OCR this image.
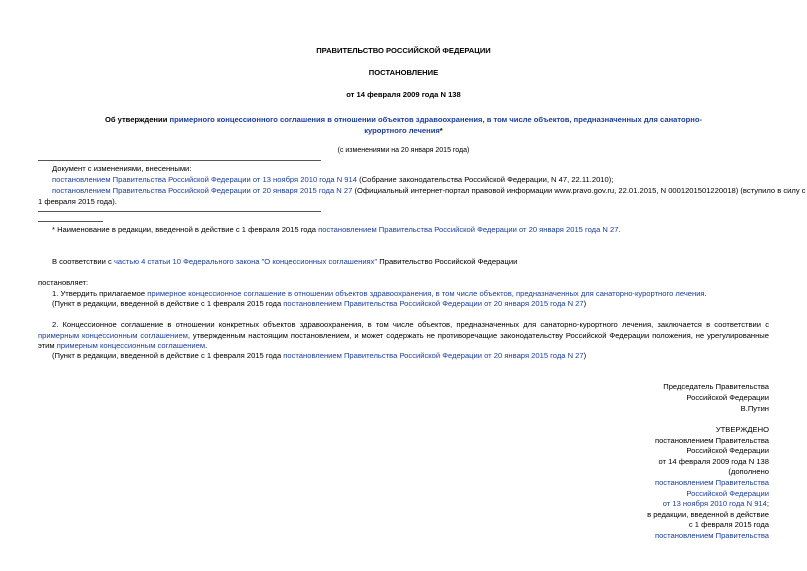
ПРАВИТЕЛЬСТВО РОССИЙСКОЙ ФЕДЕРАЦИИ
ПОСТАНОВЛЕНИЕ
от 14 февраля 2009 года N 138
Об утверждении примерного концессионного соглашения в отношении объектов здравоохранения, в том числе объектов, предназначенных для санаторно-
курортного лечения*
(с изменениями на 20 января 2015 года)
Документ с изменениями, внесенными:
постановлением Правительства Российской Федерации от 13 ноября 2010 года N 914 (Собрание законодательства Российской Федерации, N 47, 22.11.2010);
постановлением Правительства Российской Федерации от 20 января 2015 года N 27 (Официальный интернет-портал правовой информации www.pravo.gov.ru, 22.01.2015, N 0001201501220018) (вступило в силу с
1 февраля 2015 года).
* Наименование в редакции, введенной в действие с 1 февраля 2015 года постановлением Правительства Российской Федерации от 20 января 2015 года N 27.
В соответствии с частью 4 статьи 10 Федерального закона "О концессионных соглашениях" Правительство Российской Федерации
постановляет:
1. Утвердить прилагаемое примерное концессионное соглашение в отношении объектов здравоохранения, в том числе объектов, предназначенных для санаторно-курортного лечения.
(Пункт в редакции, введенной в действие с 1 февраля 2015 года постановлением Правительства Российской Федерации от 20 января 2015 года N 27)
2. Концессионное соглашение в отношении конкретных объектов здравоохранения, в том числе объектов, предназначенных для санаторно-курортного лечения, заключается в соответствии с примерным концессионным соглашением, утвержденным настоящим постановлением, и может содержать не противоречащие законодательству Российской Федерации положения, не урегулированные этим примерным концессионным соглашением.
(Пункт в редакции, введенной в действие с 1 февраля 2015 года постановлением Правительства Российской Федерации от 20 января 2015 года N 27)
Председатель Правительства
Российской Федерации
В.Путин
УТВЕРЖДЕНО
постановлением Правительства
Российской Федерации
от 14 февраля 2009 года N 138
(дополнено
постановлением Правительства
Российской Федерации
от 13 ноября 2010 года N 914;
в редакции, введенной в действие
с 1 февраля 2015 года
постановлением Правительства
